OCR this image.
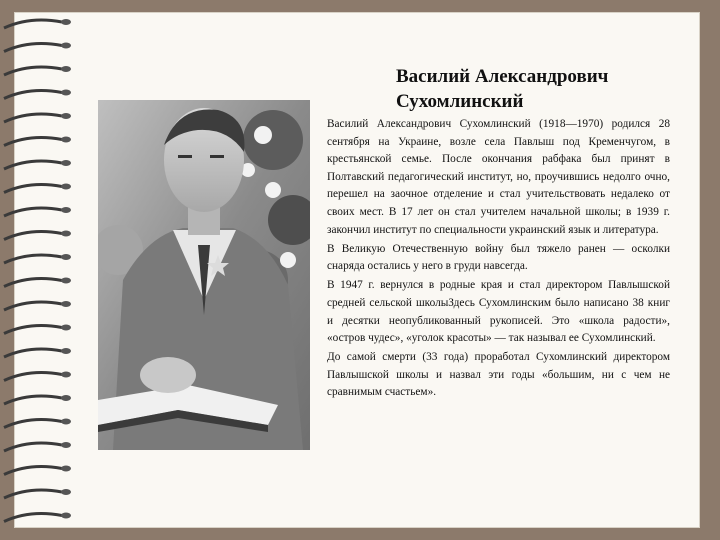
Василий Александрович
Сухомлинский

Василий Александрович Сухомлинский (1918—1970) родился 28 сентября на Украине, возле села Павлыш под Кременчугом, в крестьянской семье. После окончания рабфака был принят в Полтавский педагогический институт, но, проучившись недолго очно, перешел на заочное отделение и стал учительствовать недалеко от своих мест. В 17 лет он стал учителем начальной школы; в 1939 г. закончил институт по специальности украинский язык и литература.

В Великую Отечественную войну был тяжело ранен — осколки снаряда остались у него в груди навсегда.

В 1947 г. вернулся в родные края и стал директором Павлышской средней сельской школыЗдесь Сухомлинским было написано 38 книг и десятки неопубликованный рукописей. Это «школа радости», «остров чудес», «уголок красоты» — так называл ее Сухомлинский.

До самой смерти (33 года) проработал Сухомлинский директором Павлышской школы и назвал эти годы «большим, ни с чем не сравнимым счастьем».
